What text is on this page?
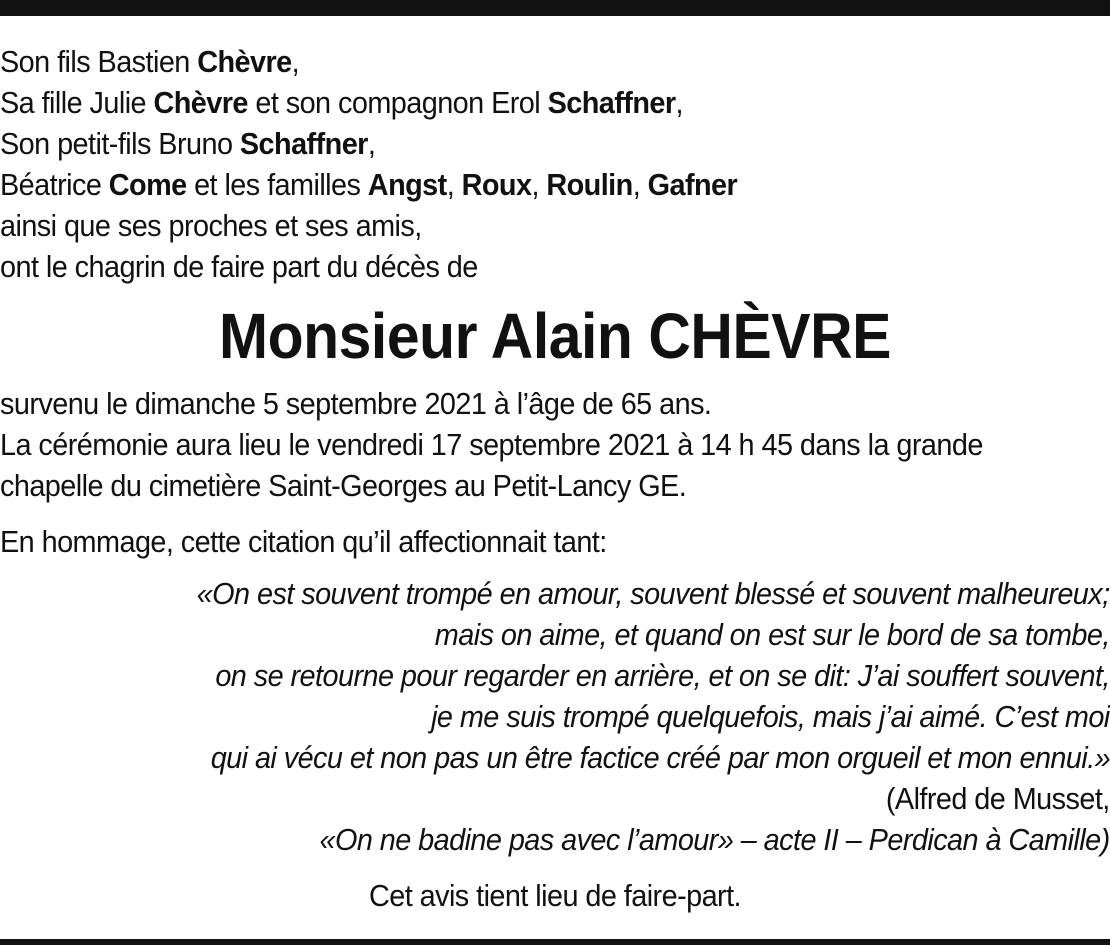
Son fils Bastien Chèvre,
Sa fille Julie Chèvre et son compagnon Erol Schaffner,
Son petit-fils Bruno Schaffner,
Béatrice Come et les familles Angst, Roux, Roulin, Gafner
ainsi que ses proches et ses amis,
ont le chagrin de faire part du décès de
Monsieur Alain CHÈVRE
survenu le dimanche 5 septembre 2021 à l’âge de 65 ans.
La cérémonie aura lieu le vendredi 17 septembre 2021 à 14 h 45 dans la grande
chapelle du cimetière Saint-Georges au Petit-Lancy GE.
En hommage, cette citation qu’il affectionnait tant:
«On est souvent trompé en amour, souvent blessé et souvent malheureux;
mais on aime, et quand on est sur le bord de sa tombe,
on se retourne pour regarder en arrière, et on se dit: J’ai souffert souvent,
je me suis trompé quelquefois, mais j’ai aimé. C’est moi
qui ai vécu et non pas un être factice créé par mon orgueil et mon ennui.»
(Alfred de Musset,
«On ne badine pas avec l’amour» – acte II – Perdican à Camille)
Cet avis tient lieu de faire-part.
